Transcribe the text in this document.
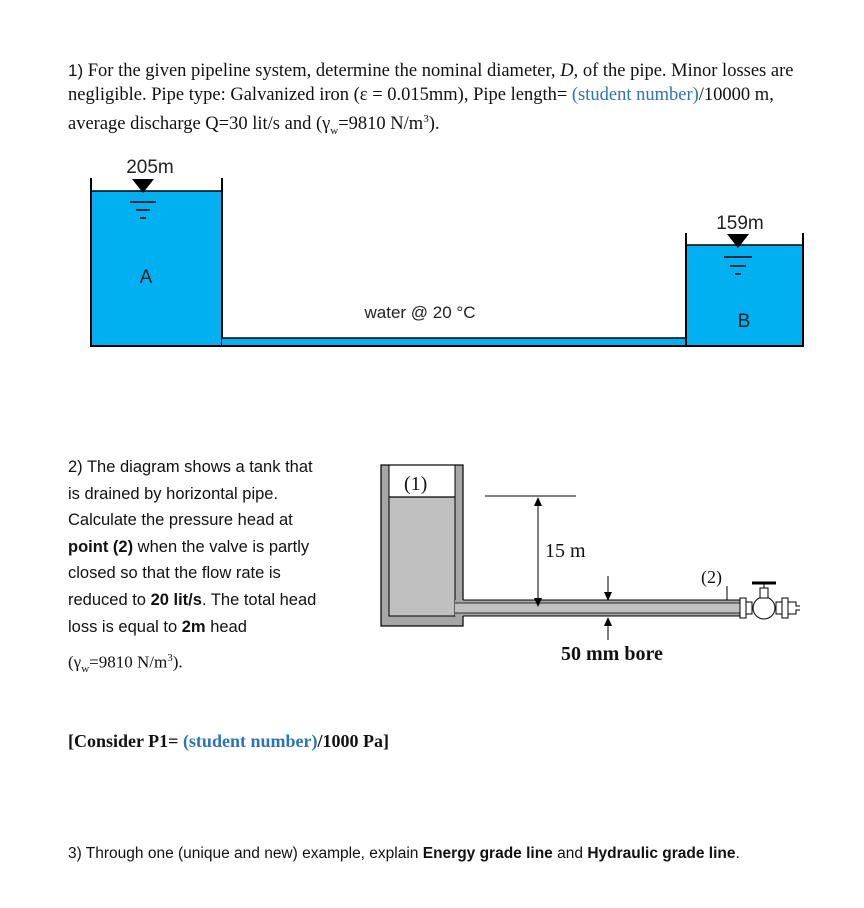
1) For the given pipeline system, determine the nominal diameter, D, of the pipe. Minor losses are negligible. Pipe type: Galvanized iron (ε = 0.015mm), Pipe length= (student number)/10000 m, average discharge Q=30 lit/s and ($\gamma_w=9810$ $N/m^3$).
205m
159m
A
B
water @ 20 °C
(1)
15 m
(2)
50 mm bore
2) The diagram shows a tank that
is drained by horizontal pipe.
Calculate the pressure head at
point (2) when the valve is partly
closed so that the flow rate is
reduced to 20 lit/s. The total head
loss is equal to 2m head
($\gamma_w=9810$ $N/m^3$).
[Consider P1= (student number)/1000 Pa]
3) Through one (unique and new) example, explain Energy grade line and Hydraulic grade line.
